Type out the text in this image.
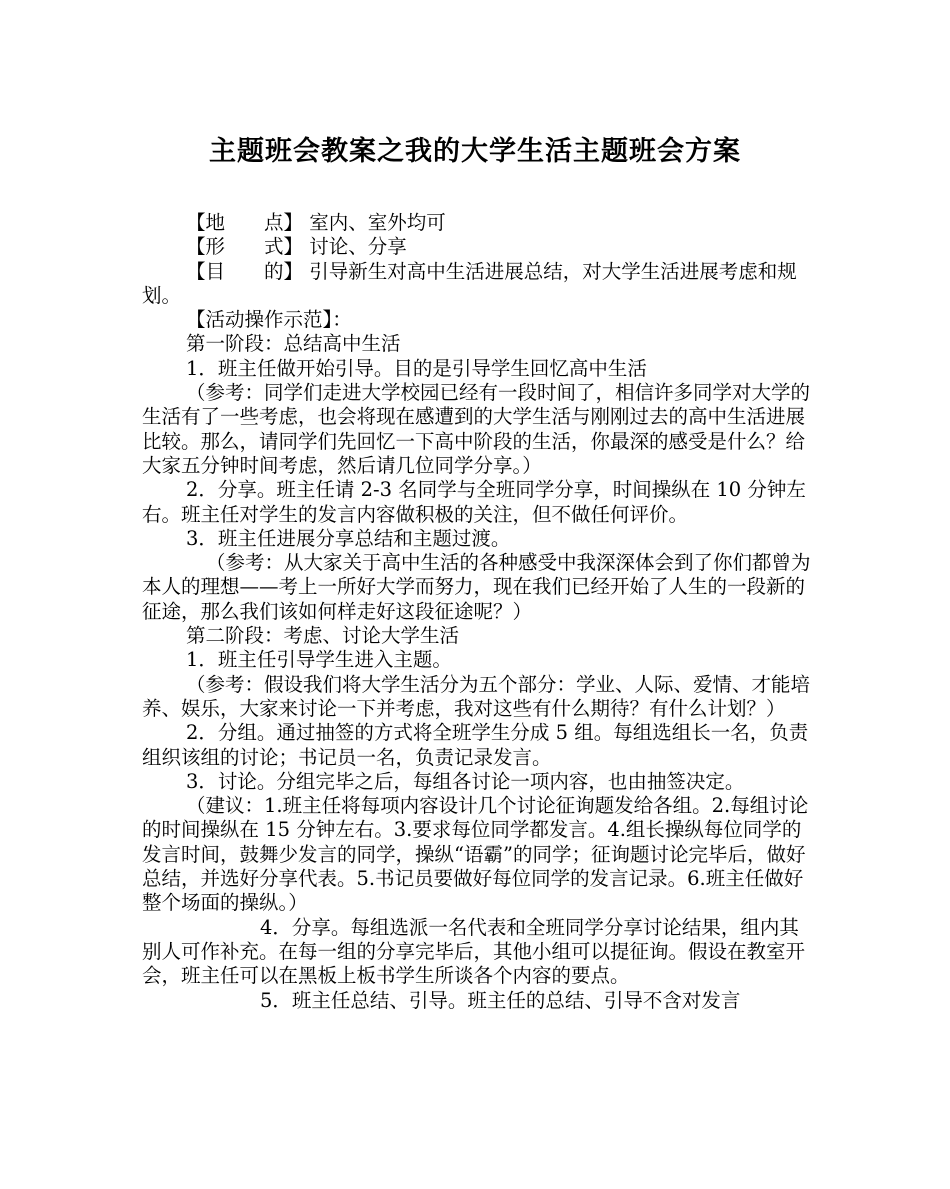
主题班会教案之我的大学生活主题班会方案

【地　　点】 室内、室外均可

【形　　式】 讨论、分享

【目　　的】 引导新生对高中生活进展总结，对大学生活进展考虑和规划。

【活动操作示范】：

第一阶段：总结高中生活

1．班主任做开始引导。目的是引导学生回忆高中生活

（参考：同学们走进大学校园已经有一段时间了，相信许多同学对大学的生活有了一些考虑，也会将现在感遭到的大学生活与刚刚过去的高中生活进展比较。那么，请同学们先回忆一下高中阶段的生活，你最深的感受是什么？给大家五分钟时间考虑，然后请几位同学分享。）

2．分享。班主任请 2-3 名同学与全班同学分享，时间操纵在 10 分钟左右。班主任对学生的发言内容做积极的关注，但不做任何评价。

3．班主任进展分享总结和主题过渡。

（参考：从大家关于高中生活的各种感受中我深深体会到了你们都曾为本人的理想——考上一所好大学而努力，现在我们已经开始了人生的一段新的征途，那么我们该如何样走好这段征途呢？）

第二阶段：考虑、讨论大学生活

1．班主任引导学生进入主题。

（参考：假设我们将大学生活分为五个部分：学业、人际、爱情、才能培养、娱乐，大家来讨论一下并考虑，我对这些有什么期待？有什么计划？）

2．分组。通过抽签的方式将全班学生分成 5 组。每组选组长一名，负责组织该组的讨论；书记员一名，负责记录发言。

3．讨论。分组完毕之后，每组各讨论一项内容，也由抽签决定。

（建议：1.班主任将每项内容设计几个讨论征询题发给各组。2.每组讨论的时间操纵在 15 分钟左右。3.要求每位同学都发言。4.组长操纵每位同学的发言时间，鼓舞少发言的同学，操纵“语霸”的同学；征询题讨论完毕后，做好总结，并选好分享代表。5.书记员要做好每位同学的发言记录。6.班主任做好整个场面的操纵。）

4．分享。每组选派一名代表和全班同学分享讨论结果，组内其别人可作补充。在每一组的分享完毕后，其他小组可以提征询。假设在教室开会，班主任可以在黑板上板书学生所谈各个内容的要点。

5．班主任总结、引导。班主任的总结、引导不含对发言
